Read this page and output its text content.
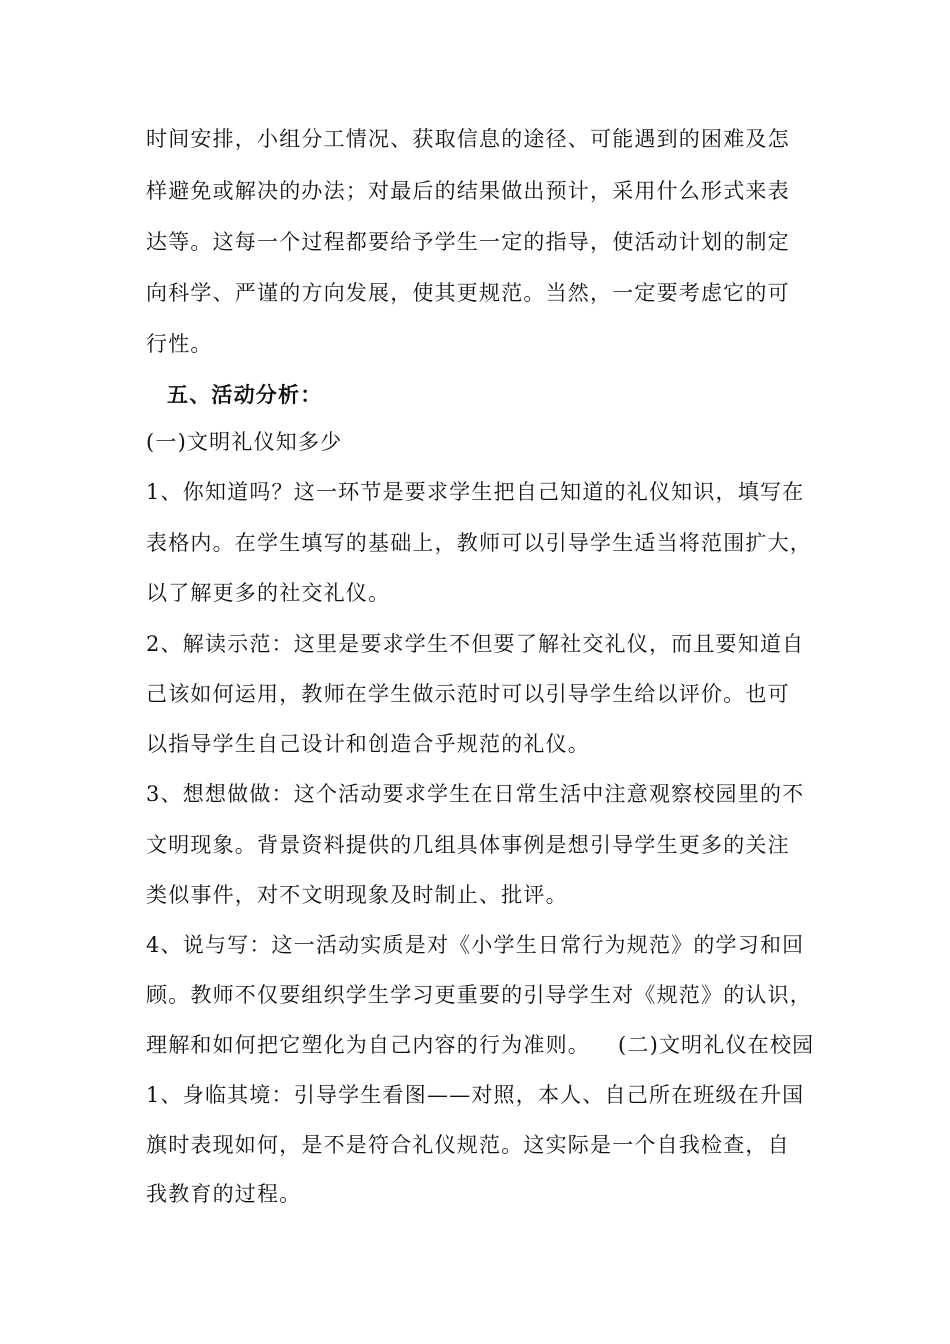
时间安排，小组分工情况、获取信息的途径、可能遇到的困难及怎
样避免或解决的办法；对最后的结果做出预计，采用什么形式来表
达等。这每一个过程都要给予学生一定的指导，使活动计划的制定
向科学、严谨的方向发展，使其更规范。当然，一定要考虑它的可
行性。
五、活动分析：
(一)文明礼仪知多少
1、你知道吗？这一环节是要求学生把自己知道的礼仪知识，填写在
表格内。在学生填写的基础上，教师可以引导学生适当将范围扩大，
以了解更多的社交礼仪。
2、解读示范：这里是要求学生不但要了解社交礼仪，而且要知道自
己该如何运用，教师在学生做示范时可以引导学生给以评价。也可
以指导学生自己设计和创造合乎规范的礼仪。
3、想想做做：这个活动要求学生在日常生活中注意观察校园里的不
文明现象。背景资料提供的几组具体事例是想引导学生更多的关注
类似事件，对不文明现象及时制止、批评。
4、说与写：这一活动实质是对《小学生日常行为规范》的学习和回
顾。教师不仅要组织学生学习更重要的引导学生对《规范》的认识，
理解和如何把它塑化为自己内容的行为准则。 (二)文明礼仪在校园
1、身临其境：引导学生看图——对照，本人、自己所在班级在升国
旗时表现如何，是不是符合礼仪规范。这实际是一个自我检查，自
我教育的过程。
